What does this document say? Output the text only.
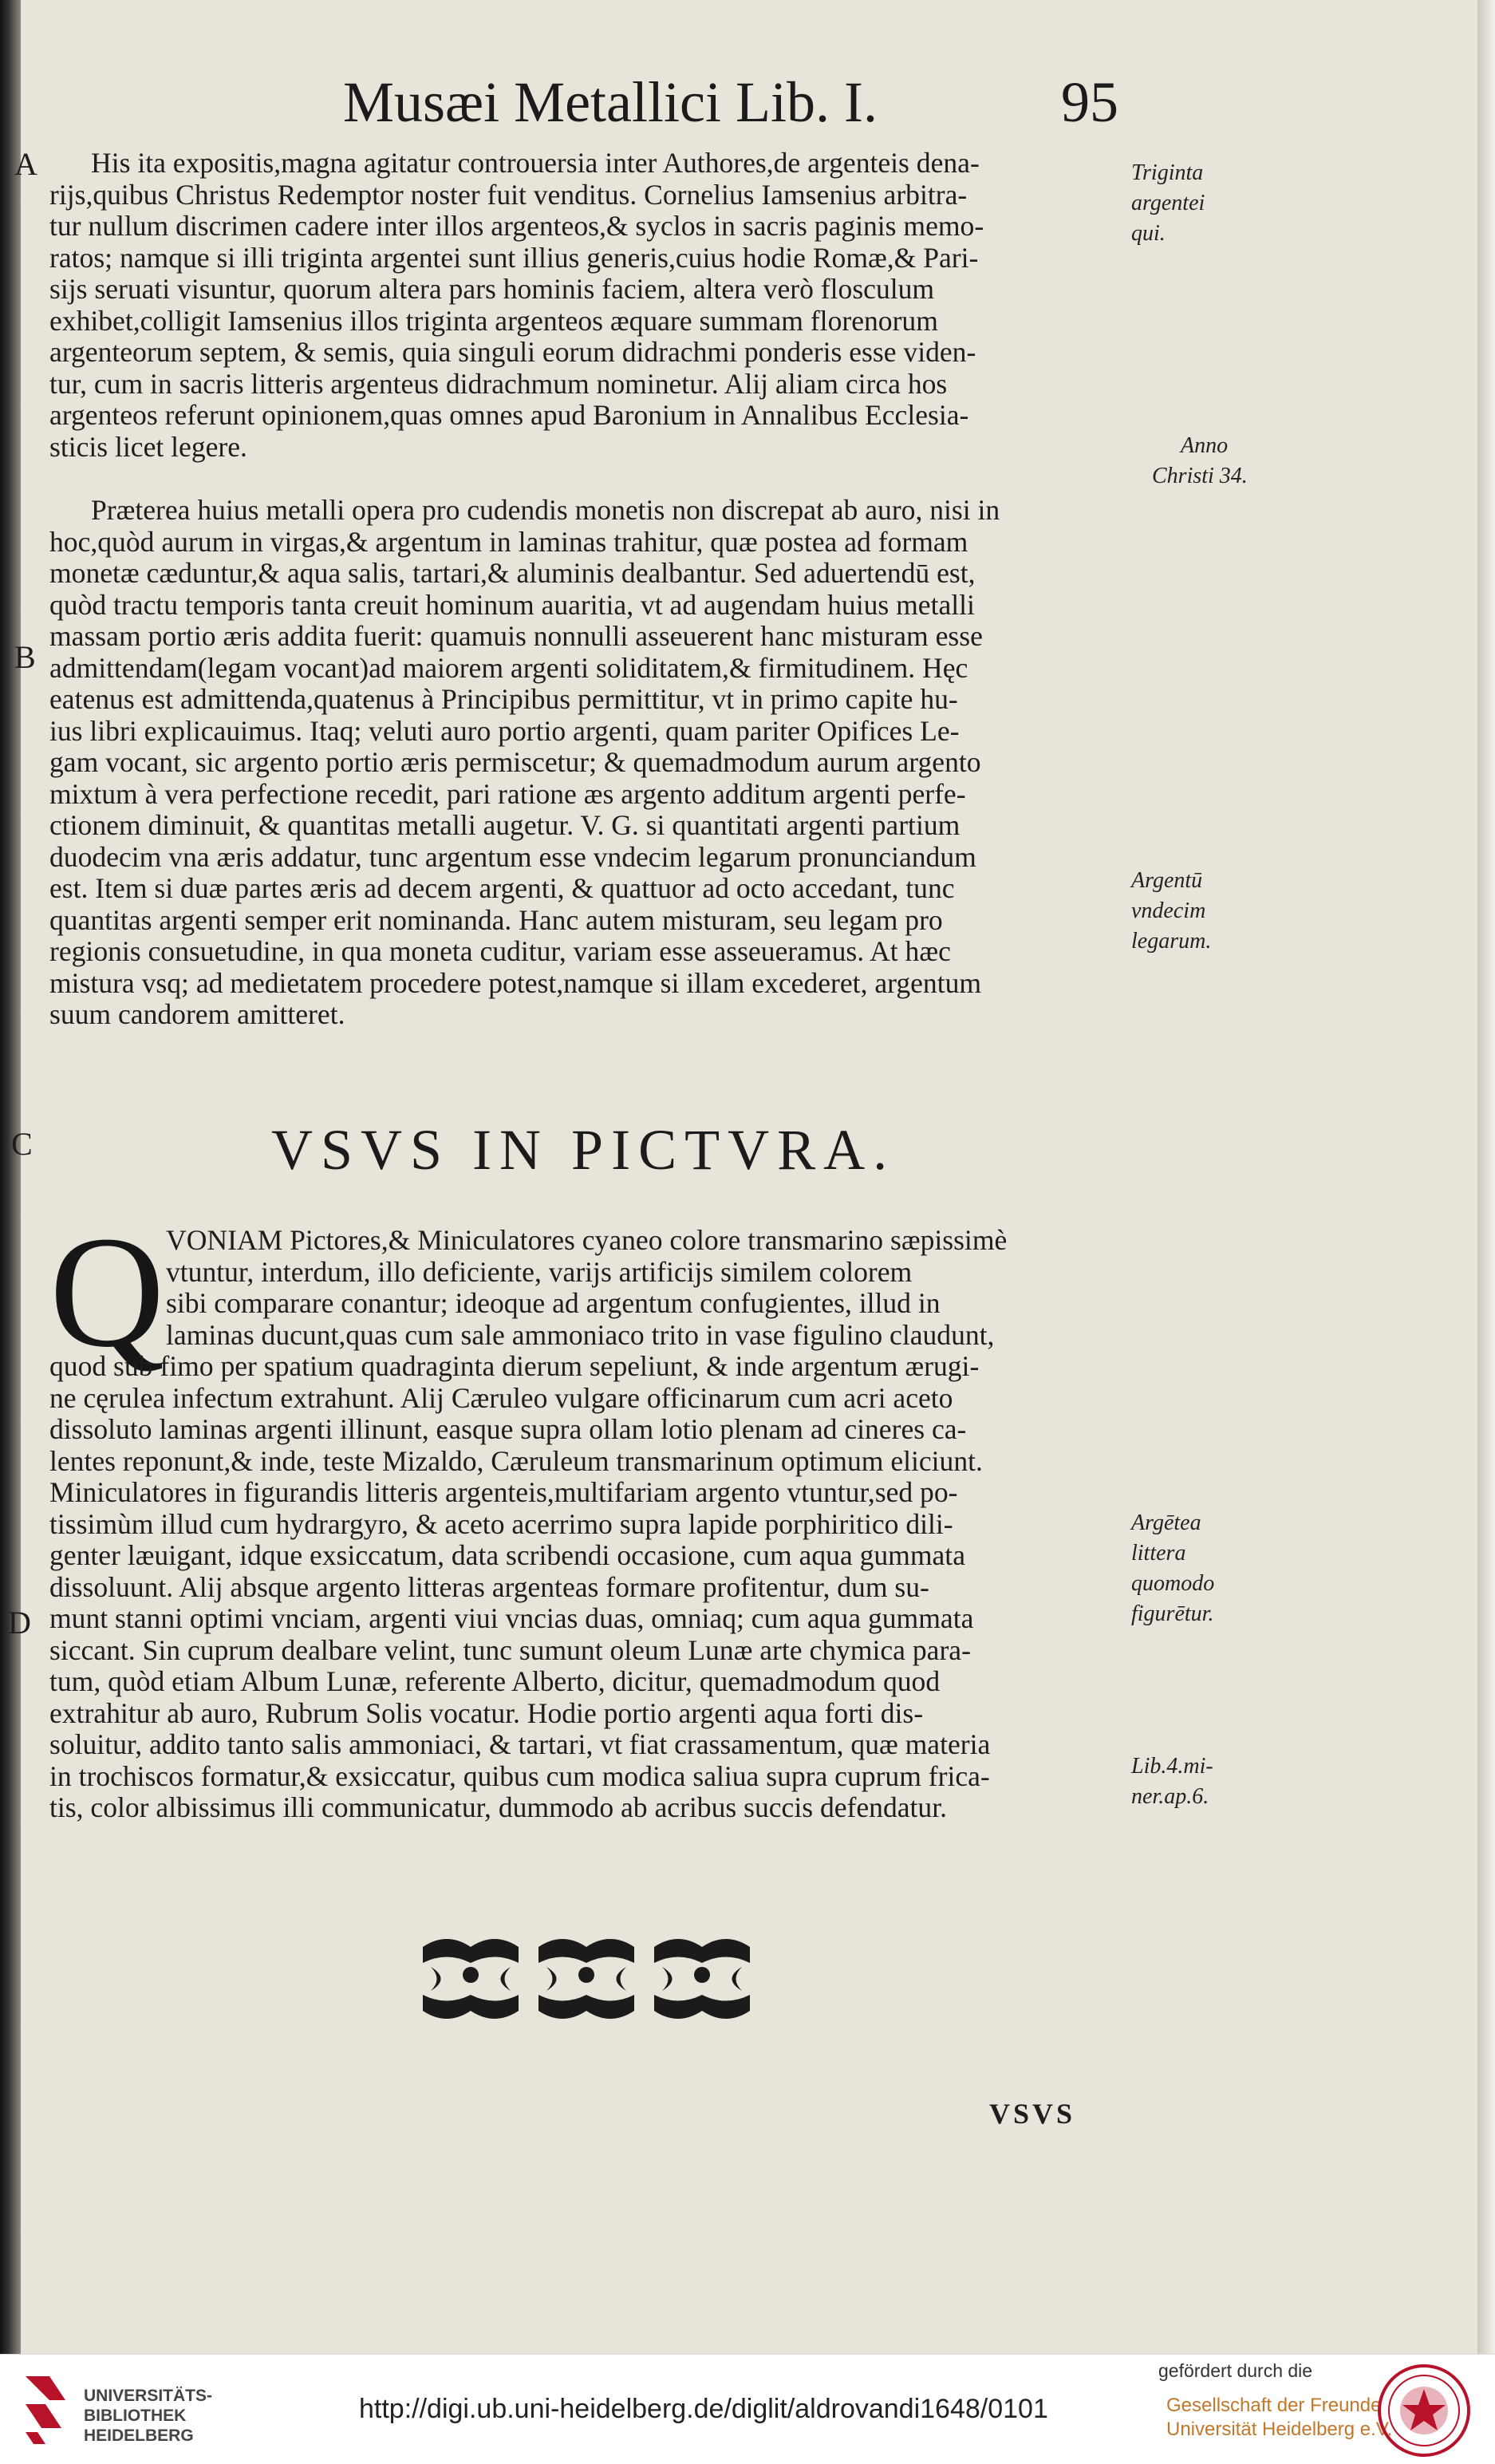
Musæi Metallici Lib. I.	95
A
B
C
D
His ita expositis,magna agitatur controuersia inter Authores,de argenteis dena-
rijs,quibus Christus Redemptor noster fuit venditus. Cornelius Iamsenius arbitra-
tur nullum discrimen cadere inter illos argenteos,& syclos in sacris paginis memo-
ratos; namque si illi triginta argentei sunt illius generis,cuius hodie Romæ,& Pari-
sijs seruati visuntur, quorum altera pars hominis faciem, altera verò flosculum
exhibet,colligit Iamsenius illos triginta argenteos æquare summam florenorum
argenteorum septem, & semis, quia singuli eorum didrachmi ponderis esse viden-
tur, cum in sacris litteris argenteus didrachmum nominetur. Alij aliam circa hos
argenteos referunt opinionem,quas omnes apud Baronium in Annalibus Ecclesia-
sticis licet legere.
Præterea huius metalli opera pro cudendis monetis non discrepat ab auro, nisi in
hoc,quòd aurum in virgas,& argentum in laminas trahitur, quæ postea ad formam
monetæ cæduntur,& aqua salis, tartari,& aluminis dealbantur. Sed aduertendū est,
quòd tractu temporis tanta creuit hominum auaritia, vt ad augendam huius metalli
massam portio æris addita fuerit: quamuis nonnulli asseuerent hanc misturam esse
admittendam(legam vocant)ad maiorem argenti soliditatem,& firmitudinem. Hęc
eatenus est admittenda,quatenus à Principibus permittitur, vt in primo capite hu-
ius libri explicauimus. Itaq; veluti auro portio argenti, quam pariter Opifices Le-
gam vocant, sic argento portio æris permiscetur; & quemadmodum aurum argento
mixtum à vera perfectione recedit, pari ratione æs argento additum argenti perfe-
ctionem diminuit, & quantitas metalli augetur. V. G. si quantitati argenti partium
duodecim vna æris addatur, tunc argentum esse vndecim legarum pronunciandum
est. Item si duæ partes æris ad decem argenti, & quattuor ad octo accedant, tunc
quantitas argenti semper erit nominanda. Hanc autem misturam, seu legam pro
regionis consuetudine, in qua moneta cuditur, variam esse asseueramus. At hæc
mistura vsq; ad medietatem procedere potest,namque si illam excederet, argentum
suum candorem amitteret.
VSVS IN PICTVRA.
Q VONIAM Pictores,& Miniculatores cyaneo colore transmarino sæpissimè
vtuntur, interdum, illo deficiente, varijs artificijs similem colorem
sibi comparare conantur; ideoque ad argentum confugientes, illud in
laminas ducunt,quas cum sale ammoniaco trito in vase figulino claudunt,
quod sub fimo per spatium quadraginta dierum sepeliunt, & inde argentum ærugi-
ne cęrulea infectum extrahunt. Alij Cæruleo vulgare officinarum cum acri aceto
dissoluto laminas argenti illinunt, easque supra ollam lotio plenam ad cineres ca-
lentes reponunt,& inde, teste Mizaldo, Cæruleum transmarinum optimum eliciunt.
Miniculatores in figurandis litteris argenteis,multifariam argento vtuntur,sed po-
tissimùm illud cum hydrargyro, & aceto acerrimo supra lapide porphiritico dili-
genter læuigant, idque exsiccatum, data scribendi occasione, cum aqua gummata
dissoluunt. Alij absque argento litteras argenteas formare profitentur, dum su-
munt stanni optimi vnciam, argenti viui vncias duas, omniaq; cum aqua gummata
siccant. Sin cuprum dealbare velint, tunc sumunt oleum Lunæ arte chymica para-
tum, quòd etiam Album Lunæ, referente Alberto, dicitur, quemadmodum quod
extrahitur ab auro, Rubrum Solis vocatur. Hodie portio argenti aqua forti dis-
soluitur, addito tanto salis ammoniaci, & tartari, vt fiat crassamentum, quæ materia
in trochiscos formatur,& exsiccatur, quibus cum modica saliua supra cuprum frica-
tis, color albissimus illi communicatur, dummodo ab acribus succis defendatur.
Triginta
argentei
qui.
Anno
Christi 34.
Argentū
vndecim
legarum.
Argētea
littera
quomodo
figurētur.
Lib.4.mi-
ner.ap.6.
VSVS
UNIVERSITÄTS-
BIBLIOTHEK
HEIDELBERG
http://digi.ub.uni-heidelberg.de/diglit/aldrovandi1648/0101
gefördert durch die
Gesellschaft der Freunde
Universität Heidelberg e.V.
